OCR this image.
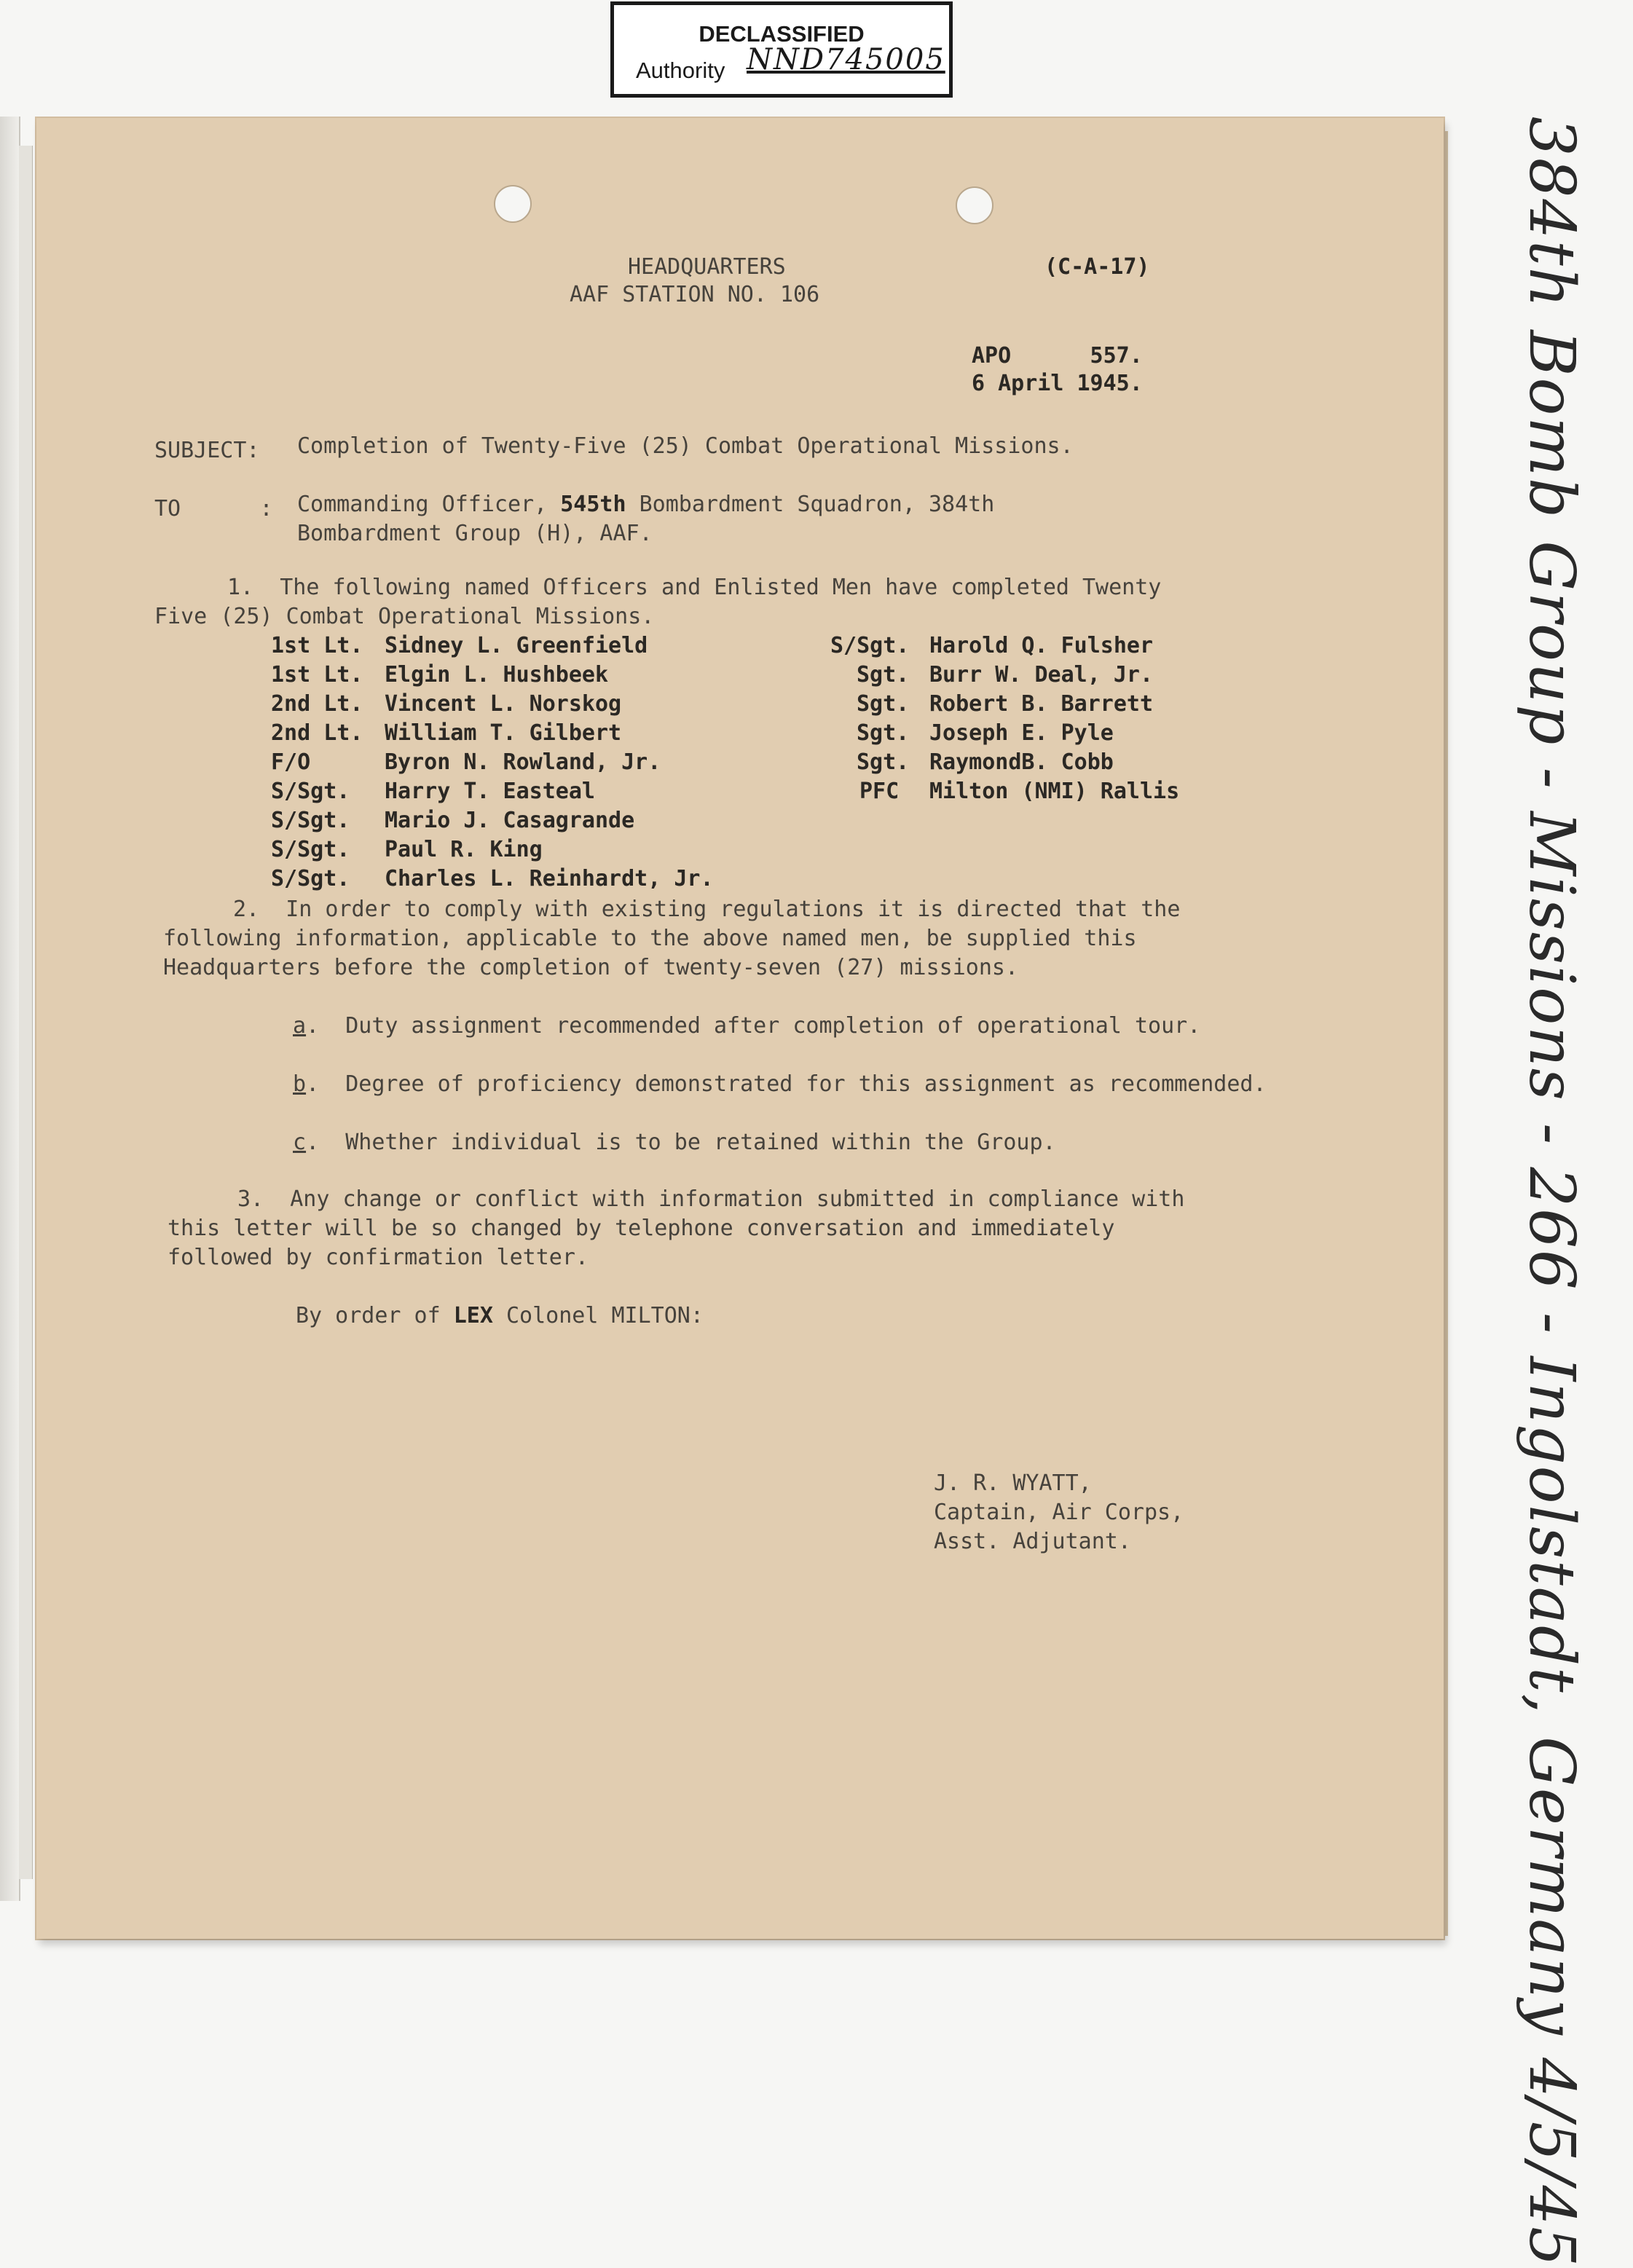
DECLASSIFIED
Authority NND745005
HEADQUARTERS
AAF STATION NO. 106
(C-A-17)
APO      557.
6 April 1945.
SUBJECT: Completion of Twenty-Five (25) Combat Operational Missions.
TO      : Commanding Officer, 545th Bombardment Squadron, 384th
Bombardment Group (H), AAF.
1.  The following named Officers and Enlisted Men have completed Twenty
Five (25) Combat Operational Missions.
1st Lt. Sidney L. Greenfield
1st Lt. Elgin L. Hushbeek
2nd Lt. Vincent L. Norskog
2nd Lt. William T. Gilbert
F/O	Byron N. Rowland, Jr.
S/Sgt. Harry T. Easteal
S/Sgt. Mario J. Casagrande
S/Sgt. Paul R. King
S/Sgt. Charles L. Reinhardt, Jr.
S/Sgt. Harold Q. Fulsher
Sgt. Burr W. Deal, Jr.
Sgt. Robert B. Barrett
Sgt. Joseph E. Pyle
Sgt. RaymondB. Cobb
PFC Milton (NMI) Rallis
2.  In order to comply with existing regulations it is directed that the
following information, applicable to the above named men, be supplied this
Headquarters before the completion of twenty-seven (27) missions.
a.  Duty assignment recommended after completion of operational tour.
b.  Degree of proficiency demonstrated for this assignment as recommended.
c.  Whether individual is to be retained within the Group.
3.  Any change or conflict with information submitted in compliance with
this letter will be so changed by telephone conversation and immediately
followed by confirmation letter.
By order of LEX Colonel MILTON:
J. R. WYATT,
Captain, Air Corps,
Asst. Adjutant.	384th Bomb Group - Missions - 266 - Ingolstadt, Germany 4/5/45
